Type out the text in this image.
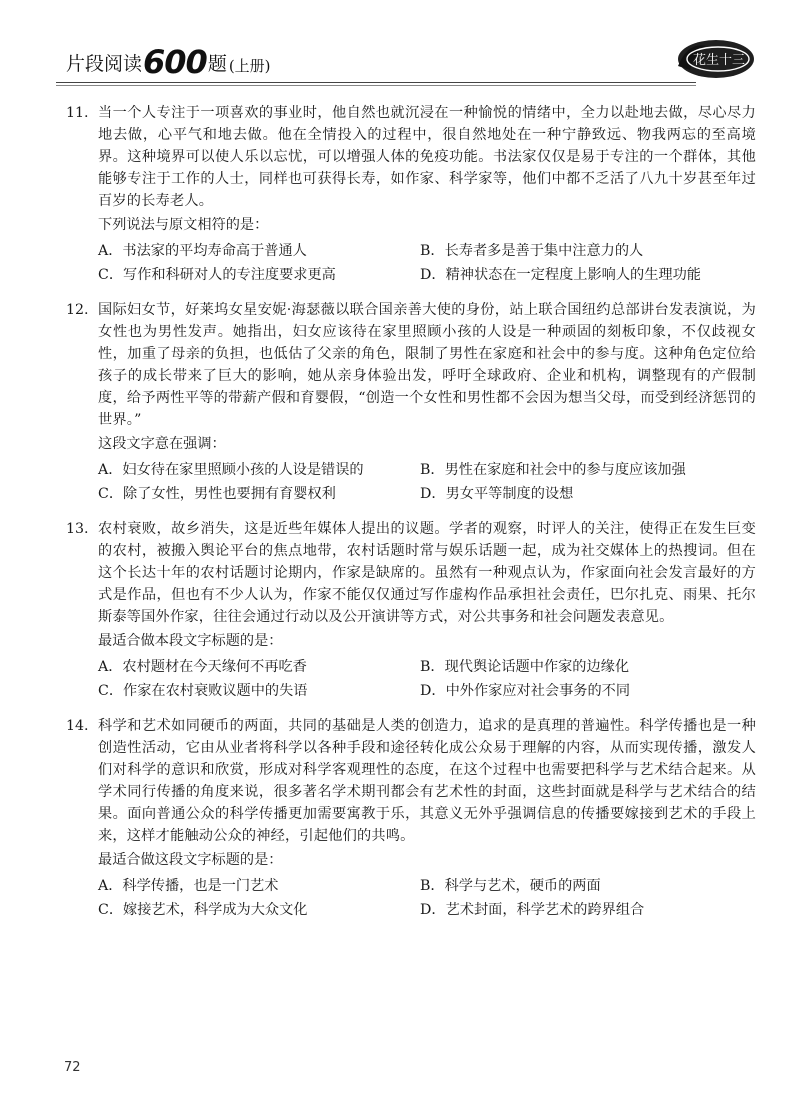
片段阅读 600 题 (上册)	花生十三
11. 当一个人专注于一项喜欢的事业时，他自然也就沉浸在一种愉悦的情绪中，全力以赴地去做，尽心尽力地去做，心平气和地去做。他在全情投入的过程中，很自然地处在一种宁静致远、物我两忘的至高境界。这种境界可以使人乐以忘忧，可以增强人体的免疫功能。书法家仅仅是易于专注的一个群体，其他能够专注于工作的人士，同样也可获得长寿，如作家、科学家等，他们中都不乏活了八九十岁甚至年过百岁的长寿老人。
下列说法与原文相符的是：
A．书法家的平均寿命高于普通人	B．长寿者多是善于集中注意力的人
C．写作和科研对人的专注度要求更高	D．精神状态在一定程度上影响人的生理功能
12. 国际妇女节，好莱坞女星安妮·海瑟薇以联合国亲善大使的身份，站上联合国纽约总部讲台发表演说，为女性也为男性发声。她指出，妇女应该待在家里照顾小孩的人设是一种顽固的刻板印象，不仅歧视女性，加重了母亲的负担，也低估了父亲的角色，限制了男性在家庭和社会中的参与度。这种角色定位给孩子的成长带来了巨大的影响，她从亲身体验出发，呼吁全球政府、企业和机构，调整现有的产假制度，给予两性平等的带薪产假和育婴假，“创造一个女性和男性都不会因为想当父母，而受到经济惩罚的世界。”
这段文字意在强调：
A．妇女待在家里照顾小孩的人设是错误的	B．男性在家庭和社会中的参与度应该加强
C．除了女性，男性也要拥有育婴权利	D．男女平等制度的设想
13. 农村衰败，故乡消失，这是近些年媒体人提出的议题。学者的观察，时评人的关注，使得正在发生巨变的农村，被搬入舆论平台的焦点地带，农村话题时常与娱乐话题一起，成为社交媒体上的热搜词。但在这个长达十年的农村话题讨论期内，作家是缺席的。虽然有一种观点认为，作家面向社会发言最好的方式是作品，但也有不少人认为，作家不能仅仅通过写作虚构作品承担社会责任，巴尔扎克、雨果、托尔斯泰等国外作家，往往会通过行动以及公开演讲等方式，对公共事务和社会问题发表意见。
最适合做本段文字标题的是：
A．农村题材在今天缘何不再吃香	B．现代舆论话题中作家的边缘化
C．作家在农村衰败议题中的失语	D．中外作家应对社会事务的不同
14. 科学和艺术如同硬币的两面，共同的基础是人类的创造力，追求的是真理的普遍性。科学传播也是一种创造性活动，它由从业者将科学以各种手段和途径转化成公众易于理解的内容，从而实现传播，激发人们对科学的意识和欣赏，形成对科学客观理性的态度，在这个过程中也需要把科学与艺术结合起来。从学术同行传播的角度来说，很多著名学术期刊都会有艺术性的封面，这些封面就是科学与艺术结合的结果。面向普通公众的科学传播更加需要寓教于乐，其意义无外乎强调信息的传播要嫁接到艺术的手段上来，这样才能触动公众的神经，引起他们的共鸣。
最适合做这段文字标题的是：
A．科学传播，也是一门艺术	B．科学与艺术，硬币的两面
C．嫁接艺术，科学成为大众文化	D．艺术封面，科学艺术的跨界组合
72
